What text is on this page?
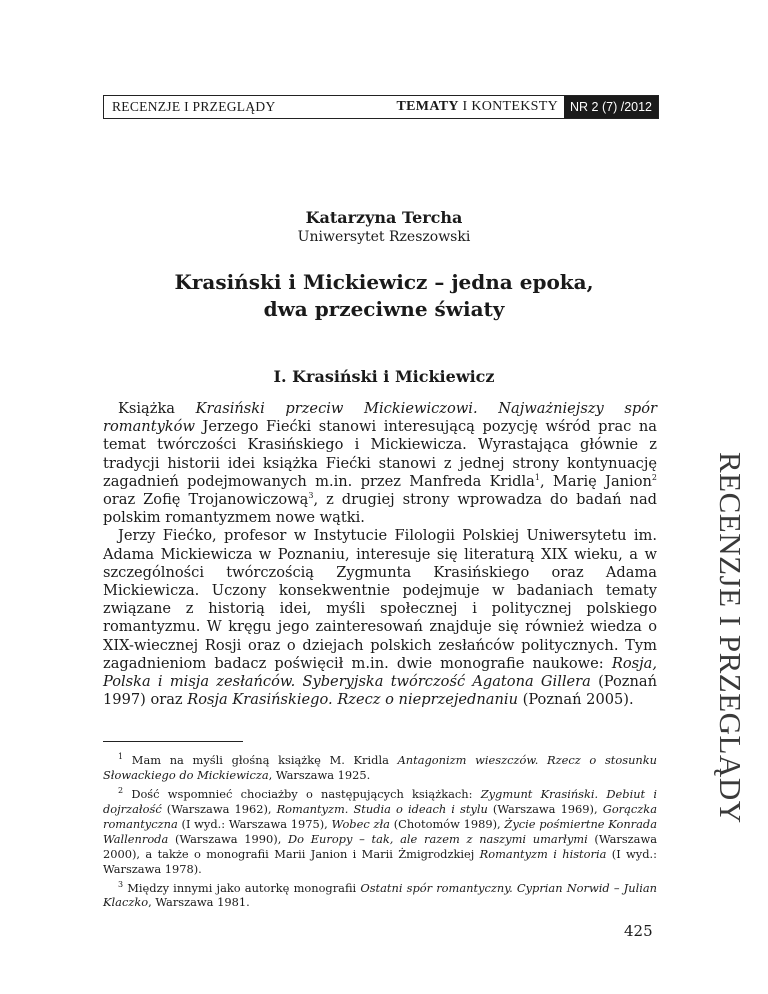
RECENZJE I PRZEGLĄDY	TEMATY I KONTEKSTY NR 2 (7) /2012
Katarzyna Tercha
Uniwersytet Rzeszowski
Krasiński i Mickiewicz – jedna epoka,
dwa przeciwne światy
I. Krasiński i Mickiewicz

Książka Krasiński przeciw Mickiewiczowi. Najważniejszy spór romantyków Jerzego Fiećki stanowi interesującą pozycję wśród prac na temat twórczości Krasińskiego i Mickiewicza. Wyrastająca głównie z tradycji historii idei książka Fiećki stanowi z jednej strony kontynuację zagadnień podejmowanych m.in. przez Manfreda Kridla$^1$, Marię Janion$^2$ oraz Zofię Trojanowiczową$^3$, z drugiej strony wprowadza do badań nad polskim romantyzmem nowe wątki.

Jerzy Fiećko, profesor w Instytucie Filologii Polskiej Uniwersytetu im. Adama Mickiewicza w Poznaniu, interesuje się literaturą XIX wieku, a w szczególności twórczością Zygmunta Krasińskiego oraz Adama Mickiewicza. Uczony konsekwentnie podejmuje w badaniach tematy związane z historią idei, myśli społecznej i politycznej polskiego romantyzmu. W kręgu jego zainteresowań znajduje się również wiedza o XIX-wiecznej Rosji oraz o dziejach polskich zesłańców politycznych. Tym zagadnieniom badacz poświęcił m.in. dwie monografie naukowe: Rosja, Polska i misja zesłańców. Syberyjska twórczość Agatona Gillera (Poznań 1997) oraz Rosja Krasińskiego. Rzecz o nieprzejednaniu (Poznań 2005).

$^1$ Mam na myśli głośną książkę M. Kridla Antagonizm wieszczów. Rzecz o stosunku Słowackiego do Mickiewicza, Warszawa 1925.

$^2$ Dość wspomnieć chociażby o następujących książkach: Zygmunt Krasiński. Debiut i dojrzałość (Warszawa 1962), Romantyzm. Studia o ideach i stylu (Warszawa 1969), Gorączka romantyczna (I wyd.: Warszawa 1975), Wobec zła (Chotomów 1989), Życie pośmiertne Konrada Wallenroda (Warszawa 1990), Do Europy – tak, ale razem z naszymi umarłymi (Warszawa 2000), a także o monografii Marii Janion i Marii Żmigrodzkiej Romantyzm i historia (I wyd.: Warszawa 1978).

$^3$ Między innymi jako autorkę monografii Ostatni spór romantyczny. Cyprian Norwid – Julian Klaczko, Warszawa 1981.

RECENZJE I PRZEGLĄDY
425
